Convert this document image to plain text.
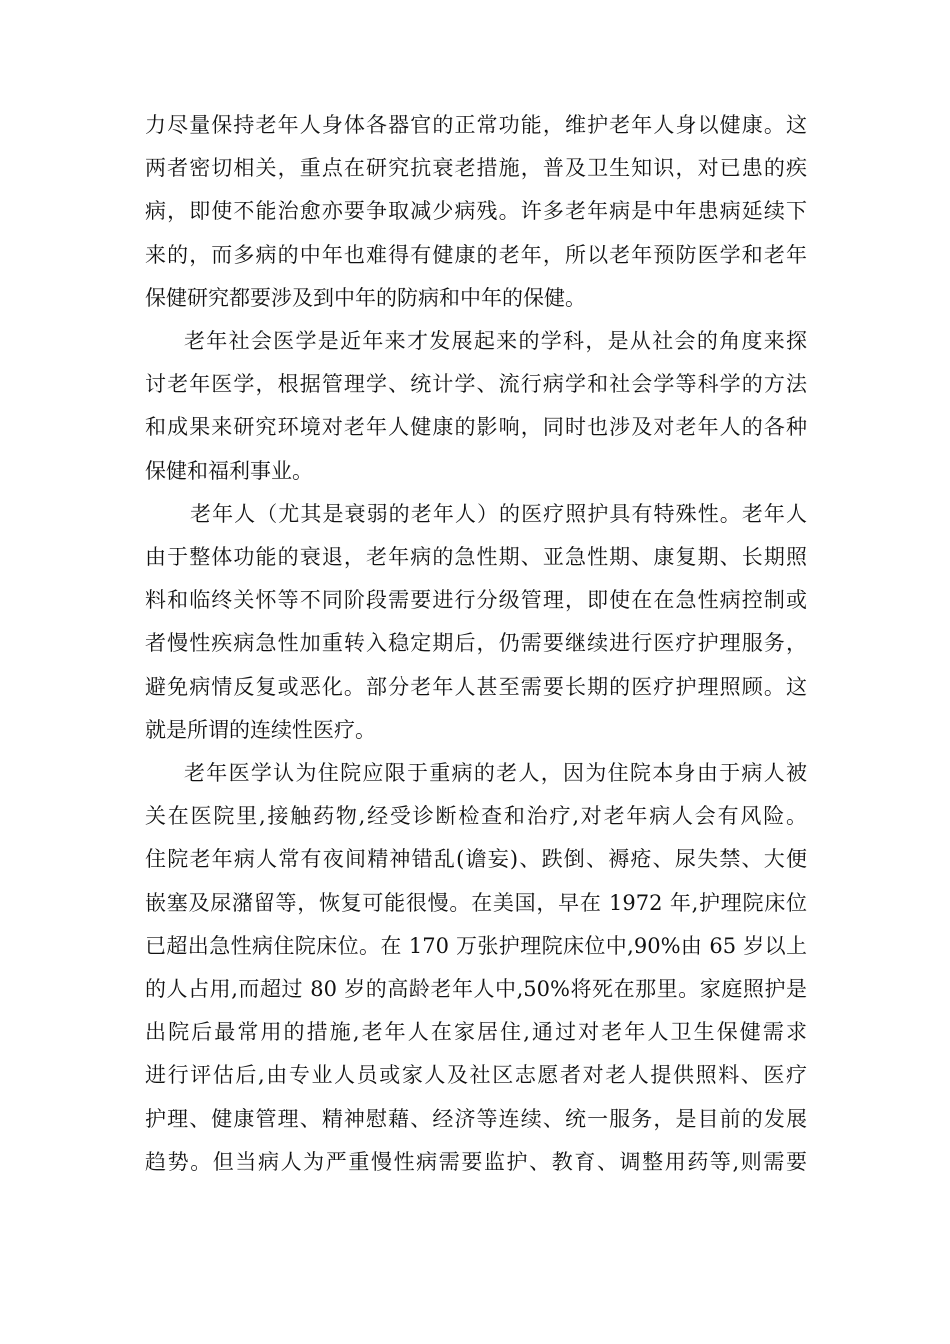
力尽量保持老年人身体各器官的正常功能，维护老年人身以健康。这
两者密切相关，重点在研究抗衰老措施，普及卫生知识，对已患的疾
病，即使不能治愈亦要争取减少病残。许多老年病是中年患病延续下
来的，而多病的中年也难得有健康的老年，所以老年预防医学和老年
保健研究都要涉及到中年的防病和中年的保健。

老年社会医学是近年来才发展起来的学科，是从社会的角度来探
讨老年医学，根据管理学、统计学、流行病学和社会学等科学的方法
和成果来研究环境对老年人健康的影响，同时也涉及对老年人的各种
保健和福利事业。

老年人（尤其是衰弱的老年人）的医疗照护具有特殊性。老年人
由于整体功能的衰退，老年病的急性期、亚急性期、康复期、长期照
料和临终关怀等不同阶段需要进行分级管理，即使在在急性病控制或
者慢性疾病急性加重转入稳定期后，仍需要继续进行医疗护理服务，
避免病情反复或恶化。部分老年人甚至需要长期的医疗护理照顾。这
就是所谓的连续性医疗。

老年医学认为住院应限于重病的老人，因为住院本身由于病人被
关在医院里,接触药物,经受诊断检查和治疗,对老年病人会有风险。
住院老年病人常有夜间精神错乱(谵妄)、跌倒、褥疮、尿失禁、大便
嵌塞及尿潴留等，恢复可能很慢。在美国，早在 1972 年,护理院床位
已超出急性病住院床位。在 170 万张护理院床位中,90%由 65 岁以上
的人占用,而超过 80 岁的高龄老年人中,50%将死在那里。家庭照护是
出院后最常用的措施,老年人在家居住,通过对老年人卫生保健需求
进行评估后,由专业人员或家人及社区志愿者对老人提供照料、医疗
护理、健康管理、精神慰藉、经济等连续、统一服务，是目前的发展
趋势。但当病人为严重慢性病需要监护、教育、调整用药等,则需要
